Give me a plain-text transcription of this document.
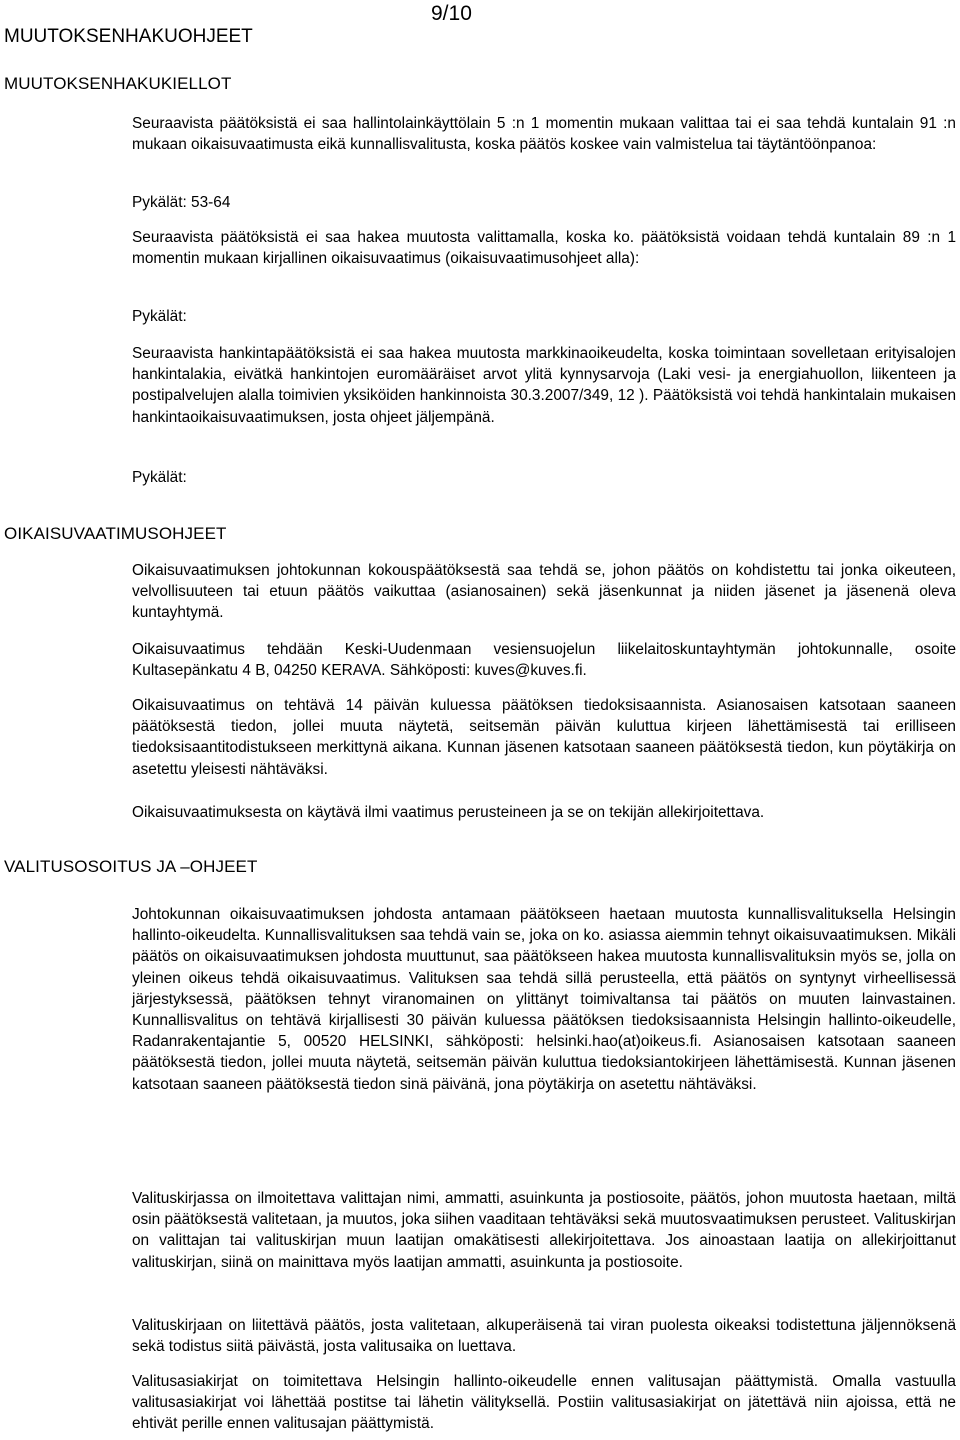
9/10
MUUTOKSENHAKUOHJEET
MUUTOKSENHAKUKIELLOT

Seuraavista päätöksistä ei saa hallintolainkäyttölain 5 :n 1 momentin mukaan valittaa tai ei saa tehdä kuntalain 91 :n mukaan oikaisuvaatimusta eikä kunnallisvalitusta, koska päätös koskee vain valmistelua tai täytäntöönpanoa:

Pykälät: 53-64

Seuraavista päätöksistä ei saa hakea muutosta valittamalla, koska ko. päätöksistä voidaan tehdä kuntalain 89 :n 1 momentin mukaan kirjallinen oikaisuvaatimus (oikaisuvaatimusohjeet alla):

Pykälät:

Seuraavista hankintapäätöksistä ei saa hakea muutosta markkinaoikeudelta, koska toimintaan sovelletaan erityisalojen hankintalakia, eivätkä hankintojen euromääräiset arvot ylitä kynnysarvoja (Laki vesi- ja energiahuollon, liikenteen ja postipalvelujen alalla toimivien yksiköiden hankinnoista 30.3.2007/349, 12 ). Päätöksistä voi tehdä hankintalain mukaisen hankintaoikaisuvaatimuksen, josta ohjeet jäljempänä.

Pykälät:
OIKAISUVAATIMUSOHJEET

Oikaisuvaatimuksen johtokunnan kokouspäätöksestä saa tehdä se, johon päätös on kohdistettu tai jonka oikeuteen, velvollisuuteen tai etuun päätös vaikuttaa (asianosainen) sekä jäsenkunnat ja niiden jäsenet ja jäsenenä oleva kuntayhtymä.

Oikaisuvaatimus tehdään Keski-Uudenmaan vesiensuojelun liikelaitoskuntayhtymän johtokunnalle, osoite Kultasepänkatu 4 B, 04250 KERAVA. Sähköposti: kuves@kuves.fi.

Oikaisuvaatimus on tehtävä 14 päivän kuluessa päätöksen tiedoksisaannista. Asianosaisen katsotaan saaneen päätöksestä tiedon, jollei muuta näytetä, seitsemän päivän kuluttua kirjeen lähettämisestä tai erilliseen tiedoksisaantitodistukseen merkittynä aikana. Kunnan jäsenen katsotaan saaneen päätöksestä tiedon, kun pöytäkirja on asetettu yleisesti nähtäväksi.

Oikaisuvaatimuksesta on käytävä ilmi vaatimus perusteineen ja se on tekijän allekirjoitettava.

VALITUSOSOITUS JA –OHJEET

Johtokunnan oikaisuvaatimuksen johdosta antamaan päätökseen haetaan muutosta kunnallisvalituksella Helsingin hallinto-oikeudelta. Kunnallisvalituksen saa tehdä vain se, joka on ko. asiassa aiemmin tehnyt oikaisuvaatimuksen. Mikäli päätös on oikaisuvaatimuksen johdosta muuttunut, saa päätökseen hakea muutosta kunnallisvalituksin myös se, jolla on yleinen oikeus tehdä oikaisuvaatimus. Valituksen saa tehdä sillä perusteella, että päätös on syntynyt virheellisessä järjestyksessä, päätöksen tehnyt viranomainen on ylittänyt toimivaltansa tai päätös on muuten lainvastainen. Kunnallisvalitus on tehtävä kirjallisesti 30 päivän kuluessa päätöksen tiedoksisaannista Helsingin hallinto-oikeudelle, Radanrakentajantie 5, 00520 HELSINKI, sähköposti: helsinki.hao(at)oikeus.fi. Asianosaisen katsotaan saaneen päätöksestä tiedon, jollei muuta näytetä, seitsemän päivän kuluttua tiedoksiantokirjeen lähettämisestä. Kunnan jäsenen katsotaan saaneen päätöksestä tiedon sinä päivänä, jona pöytäkirja on asetettu nähtäväksi.

Valituskirjassa on ilmoitettava valittajan nimi, ammatti, asuinkunta ja postiosoite, päätös, johon muutosta haetaan, miltä osin päätöksestä valitetaan, ja muutos, joka siihen vaaditaan tehtäväksi sekä muutosvaatimuksen perusteet. Valituskirjan on valittajan tai valituskirjan muun laatijan omakätisesti allekirjoitettava. Jos ainoastaan laatija on allekirjoittanut valituskirjan, siinä on mainittava myös laatijan ammatti, asuinkunta ja postiosoite.

Valituskirjaan on liitettävä päätös, josta valitetaan, alkuperäisenä tai viran puolesta oikeaksi todistettuna jäljennöksenä sekä todistus siitä päivästä, josta valitusaika on luettava.

Valitusasiakirjat on toimitettava Helsingin hallinto-oikeudelle ennen valitusajan päättymistä. Omalla vastuulla valitusasiakirjat voi lähettää postitse tai lähetin välityksellä. Postiin valitusasiakirjat on jätettävä niin ajoissa, että ne ehtivät perille ennen valitusajan päättymistä.
